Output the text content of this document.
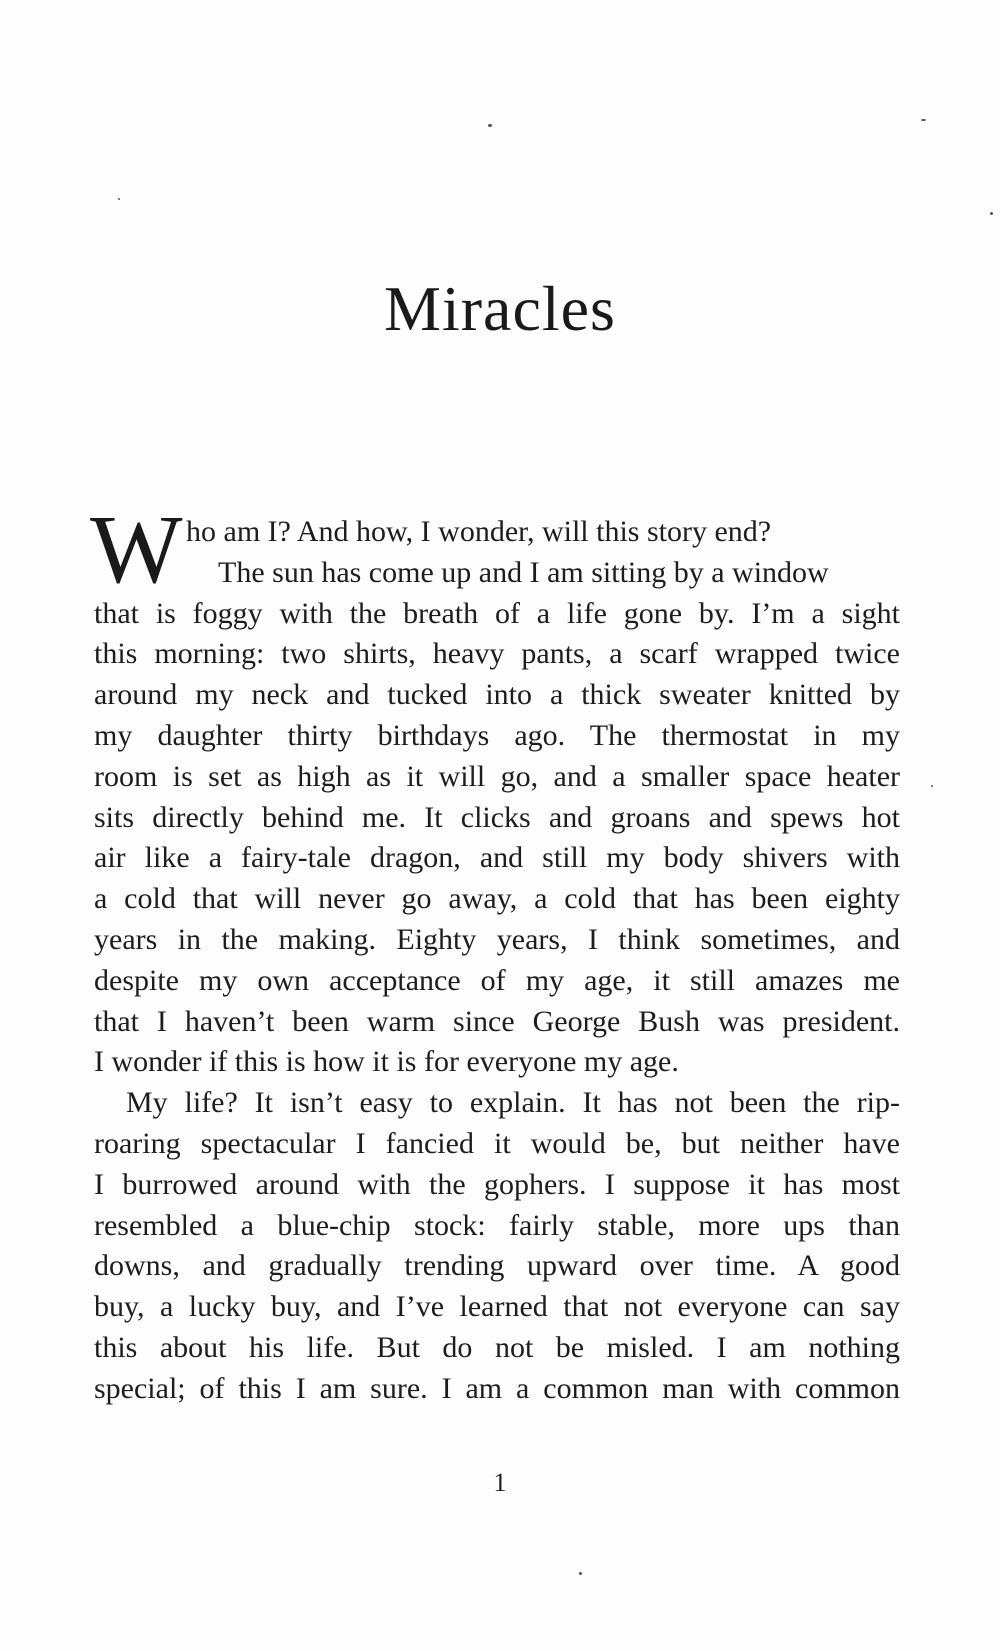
Miracles
W ho am I? And how, I wonder, will this story end?
The sun has come up and I am sitting by a window
that is foggy with the breath of a life gone by. I’m a sight
this morning: two shirts, heavy pants, a scarf wrapped twice
around my neck and tucked into a thick sweater knitted by
my daughter thirty birthdays ago. The thermostat in my
room is set as high as it will go, and a smaller space heater
sits directly behind me. It clicks and groans and spews hot
air like a fairy-tale dragon, and still my body shivers with
a cold that will never go away, a cold that has been eighty
years in the making. Eighty years, I think sometimes, and
despite my own acceptance of my age, it still amazes me
that I haven’t been warm since George Bush was president.
I wonder if this is how it is for everyone my age.
My life? It isn’t easy to explain. It has not been the rip-
roaring spectacular I fancied it would be, but neither have
I burrowed around with the gophers. I suppose it has most
resembled a blue-chip stock: fairly stable, more ups than
downs, and gradually trending upward over time. A good
buy, a lucky buy, and I’ve learned that not everyone can say
this about his life. But do not be misled. I am nothing
special; of this I am sure. I am a common man with common
1
